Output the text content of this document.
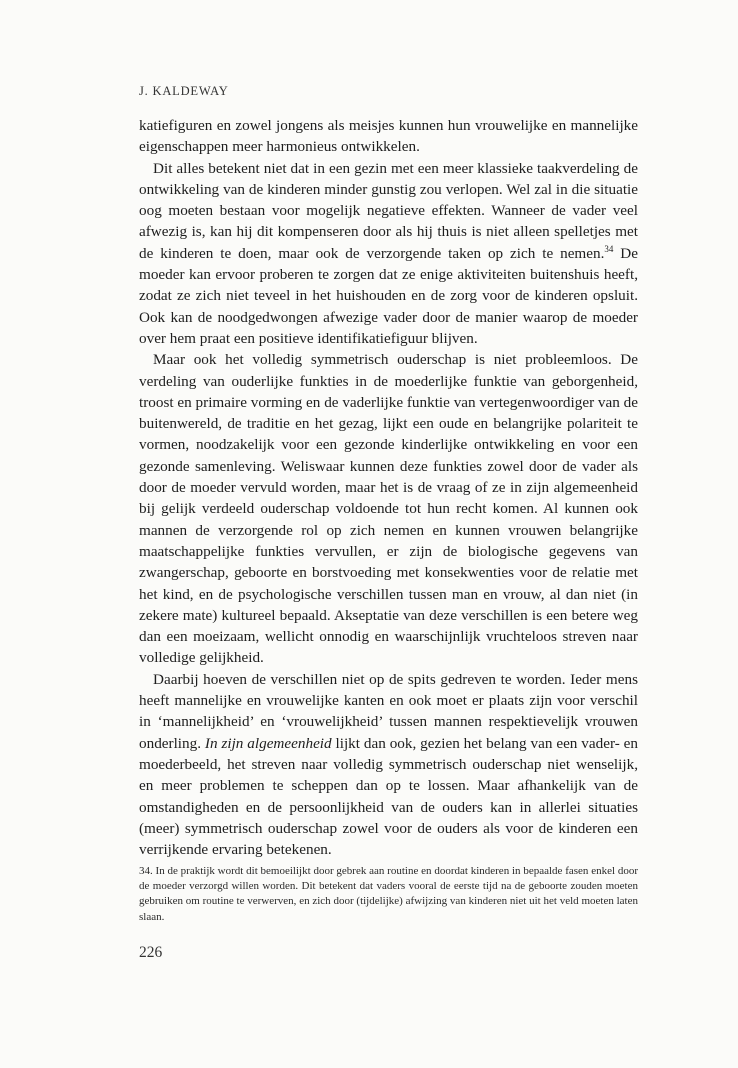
J. KALDEWAY

katiefiguren en zowel jongens als meisjes kunnen hun vrouwelijke en mannelijke eigenschappen meer harmonieus ontwikkelen.

Dit alles betekent niet dat in een gezin met een meer klassieke taakverdeling de ontwikkeling van de kinderen minder gunstig zou verlopen. Wel zal in die situatie oog moeten bestaan voor mogelijk negatieve effekten. Wanneer de vader veel afwezig is, kan hij dit kompenseren door als hij thuis is niet alleen spelletjes met de kinderen te doen, maar ook de verzorgende taken op zich te nemen.$^{34}$ De moeder kan ervoor proberen te zorgen dat ze enige aktiviteiten buitenshuis heeft, zodat ze zich niet teveel in het huishouden en de zorg voor de kinderen opsluit. Ook kan de noodgedwongen afwezige vader door de manier waarop de moeder over hem praat een positieve identifikatiefiguur blijven.

Maar ook het volledig symmetrisch ouderschap is niet probleemloos. De verdeling van ouderlijke funkties in de moederlijke funktie van geborgenheid, troost en primaire vorming en de vaderlijke funktie van vertegenwoordiger van de buitenwereld, de traditie en het gezag, lijkt een oude en belangrijke polariteit te vormen, noodzakelijk voor een gezonde kinderlijke ontwikkeling en voor een gezonde samenleving. Weliswaar kunnen deze funkties zowel door de vader als door de moeder vervuld worden, maar het is de vraag of ze in zijn algemeenheid bij gelijk verdeeld ouderschap voldoende tot hun recht komen. Al kunnen ook mannen de verzorgende rol op zich nemen en kunnen vrouwen belangrijke maatschappelijke funkties vervullen, er zijn de biologische gegevens van zwangerschap, geboorte en borstvoeding met konsekwenties voor de relatie met het kind, en de psychologische verschillen tussen man en vrouw, al dan niet (in zekere mate) kultureel bepaald. Akseptatie van deze verschillen is een betere weg dan een moeizaam, wellicht onnodig en waarschijnlijk vruchteloos streven naar volledige gelijkheid.

Daarbij hoeven de verschillen niet op de spits gedreven te worden. Ieder mens heeft mannelijke en vrouwelijke kanten en ook moet er plaats zijn voor verschil in ‘mannelijkheid’ en ‘vrouwelijkheid’ tussen mannen respektievelijk vrouwen onderling. In zijn algemeenheid lijkt dan ook, gezien het belang van een vader- en moederbeeld, het streven naar volledig symmetrisch ouderschap niet wenselijk, en meer problemen te scheppen dan op te lossen. Maar afhankelijk van de omstandigheden en de persoonlijkheid van de ouders kan in allerlei situaties (meer) symmetrisch ouderschap zowel voor de ouders als voor de kinderen een verrijkende ervaring betekenen.

34. In de praktijk wordt dit bemoeilijkt door gebrek aan routine en doordat kinderen in bepaalde fasen enkel door de moeder verzorgd willen worden. Dit betekent dat vaders vooral de eerste tijd na de geboorte zouden moeten gebruiken om routine te verwerven, en zich door (tijdelijke) afwijzing van kinderen niet uit het veld moeten laten slaan.
226
